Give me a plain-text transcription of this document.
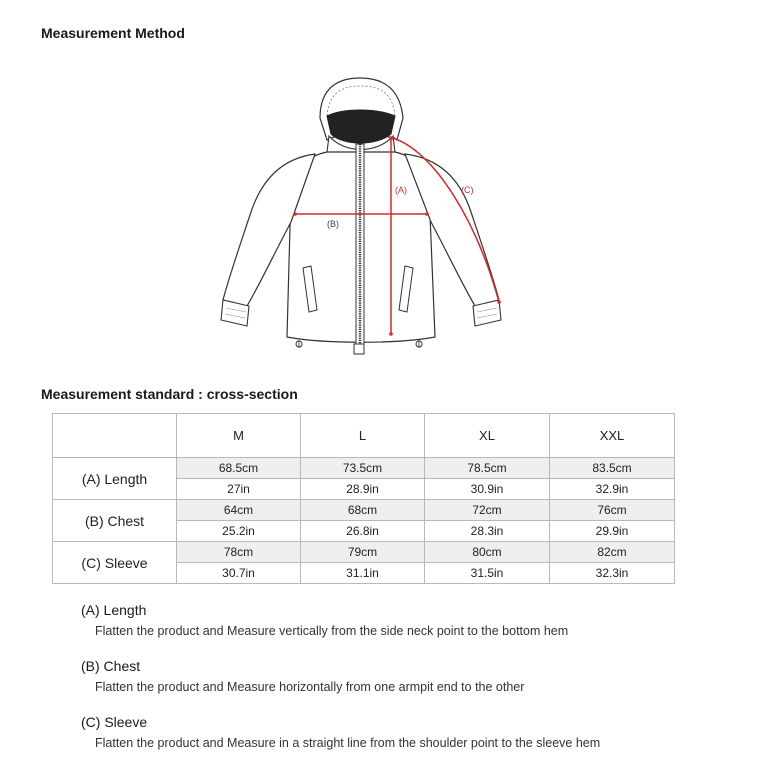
Measurement Method
(B)
(A)	(C)
Measurement standard : cross-section
	M	L	XL	XXL
(A) Length	68.5cm	73.5cm	78.5cm	83.5cm
	27in	28.9in	30.9in	32.9in
(B) Chest	64cm	68cm	72cm	76cm
	25.2in	26.8in	28.3in	29.9in
(C) Sleeve	78cm	79cm	80cm	82cm
	30.7in	31.1in	31.5in	32.3in
(A) Length
Flatten the product and Measure vertically from the side neck point to the bottom hem
(B) Chest
Flatten the product and Measure horizontally from one armpit end to the other
(C) Sleeve
Flatten the product and Measure in a straight line from the shoulder point to the sleeve hem
